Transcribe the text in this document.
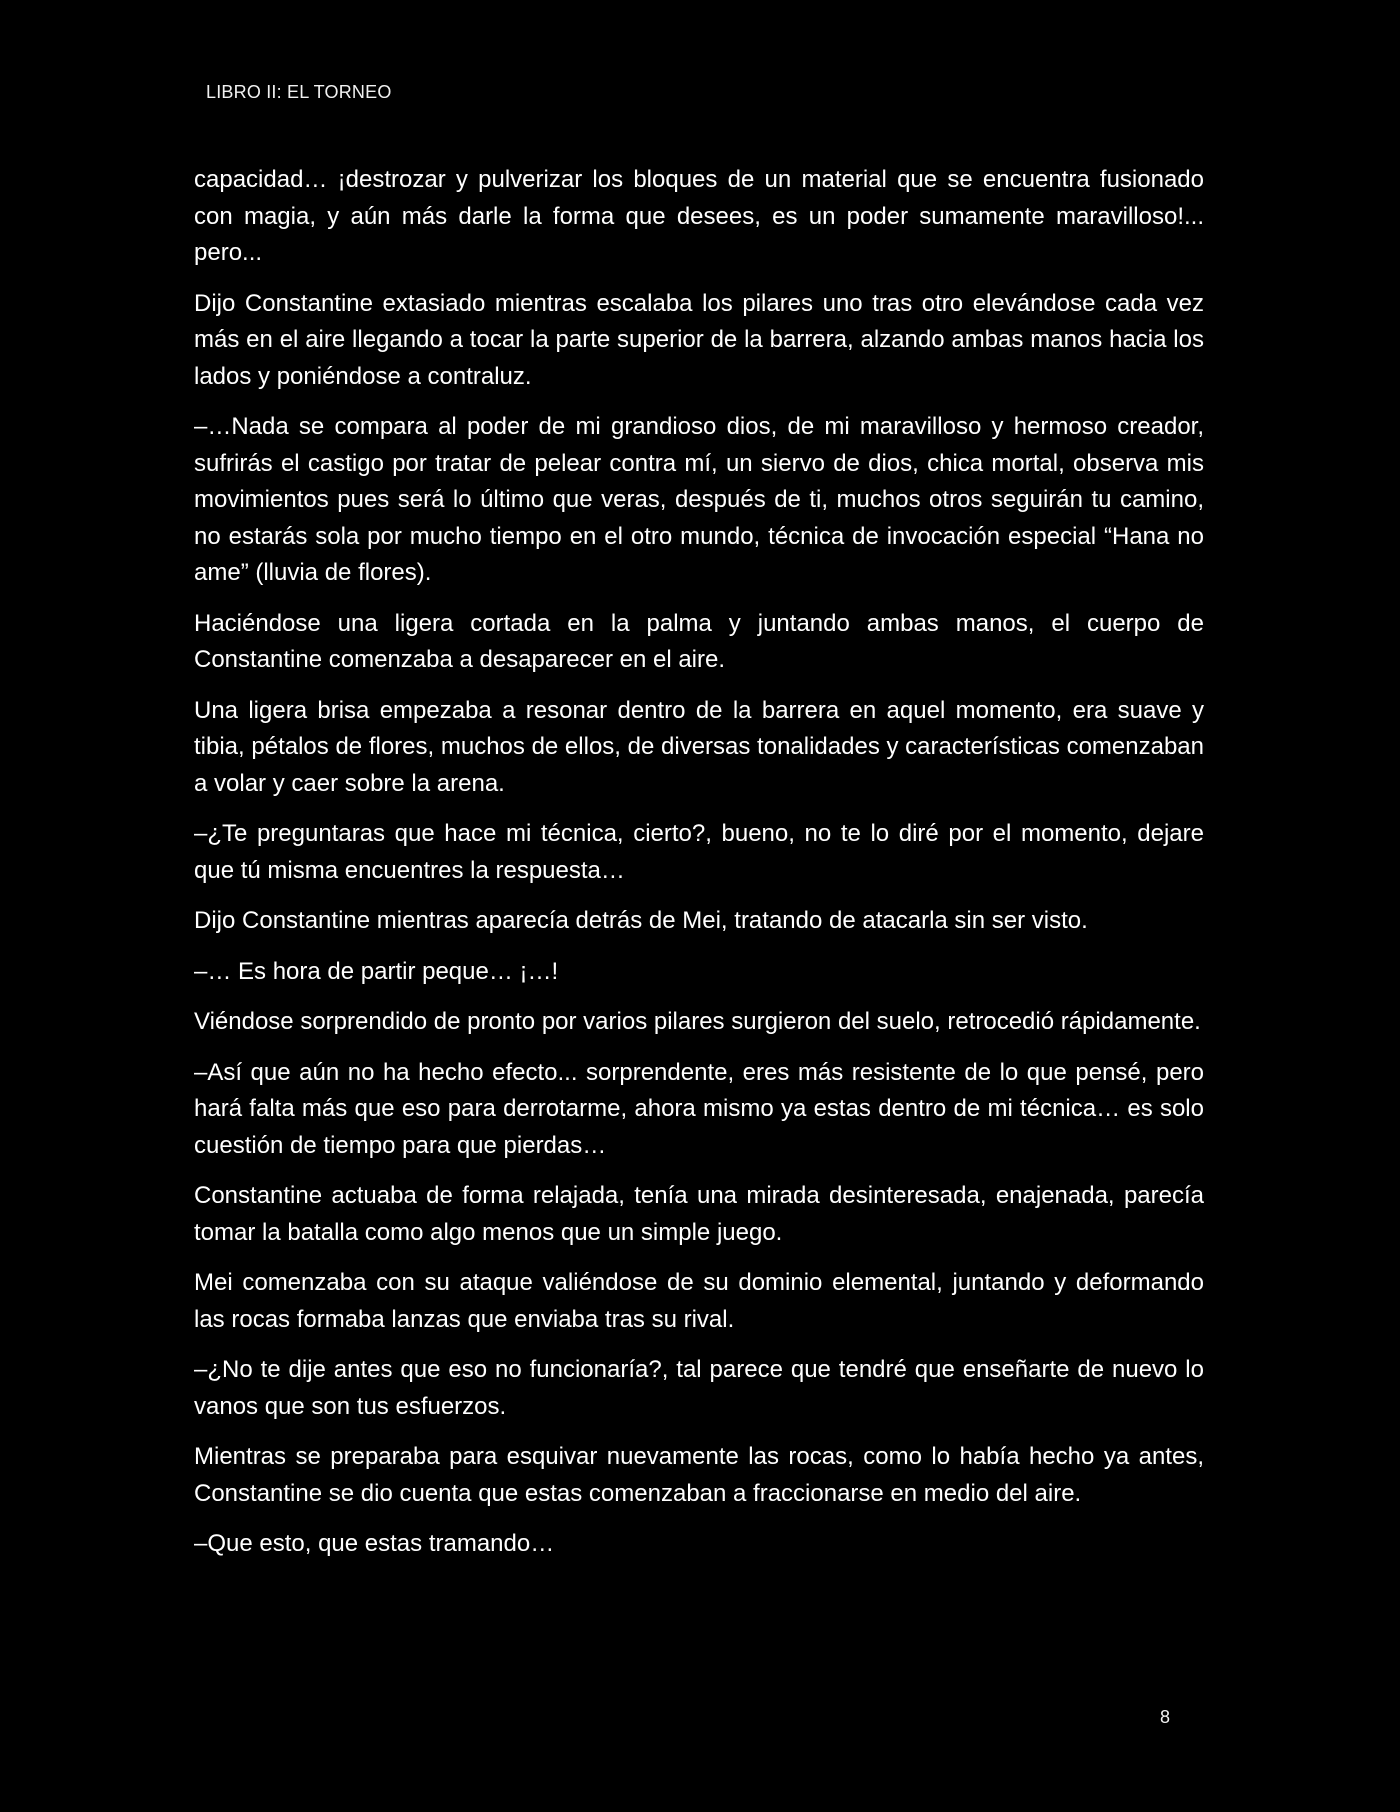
LIBRO II: EL TORNEO

capacidad… ¡destrozar y pulverizar los bloques de un material que se encuentra fusionado con magia, y aún más darle la forma que desees, es un poder sumamente maravilloso!... pero...

Dijo Constantine extasiado mientras escalaba los pilares uno tras otro elevándose cada vez más en el aire llegando a tocar la parte superior de la barrera, alzando ambas manos hacia los lados y poniéndose a contraluz.

–…Nada se compara al poder de mi grandioso dios, de mi maravilloso y hermoso creador, sufrirás el castigo por tratar de pelear contra mí, un siervo de dios, chica mortal, observa mis movimientos pues será lo último que veras, después de ti, muchos otros seguirán tu camino, no estarás sola por mucho tiempo en el otro mundo, técnica de invocación especial “Hana no ame” (lluvia de flores).

Haciéndose una ligera cortada en la palma y juntando ambas manos, el cuerpo de Constantine comenzaba a desaparecer en el aire.

Una ligera brisa empezaba a resonar dentro de la barrera en aquel momento, era suave y tibia, pétalos de flores, muchos de ellos, de diversas tonalidades y características comenzaban a volar y caer sobre la arena.

–¿Te preguntaras que hace mi técnica, cierto?, bueno, no te lo diré por el momento, dejare que tú misma encuentres la respuesta…

Dijo Constantine mientras aparecía detrás de Mei, tratando de atacarla sin ser visto.

–… Es hora de partir peque… ¡…!

Viéndose sorprendido de pronto por varios pilares surgieron del suelo, retrocedió rápidamente.

–Así que aún no ha hecho efecto... sorprendente, eres más resistente de lo que pensé, pero hará falta más que eso para derrotarme, ahora mismo ya estas dentro de mi técnica… es solo cuestión de tiempo para que pierdas…

Constantine actuaba de forma relajada, tenía una mirada desinteresada, enajenada, parecía tomar la batalla como algo menos que un simple juego.

Mei comenzaba con su ataque valiéndose de su dominio elemental, juntando y deformando las rocas formaba lanzas que enviaba tras su rival.

–¿No te dije antes que eso no funcionaría?, tal parece que tendré que enseñarte de nuevo lo vanos que son tus esfuerzos.

Mientras se preparaba para esquivar nuevamente las rocas, como lo había hecho ya antes, Constantine se dio cuenta que estas comenzaban a fraccionarse en medio del aire.

–Que esto, que estas tramando…

8
